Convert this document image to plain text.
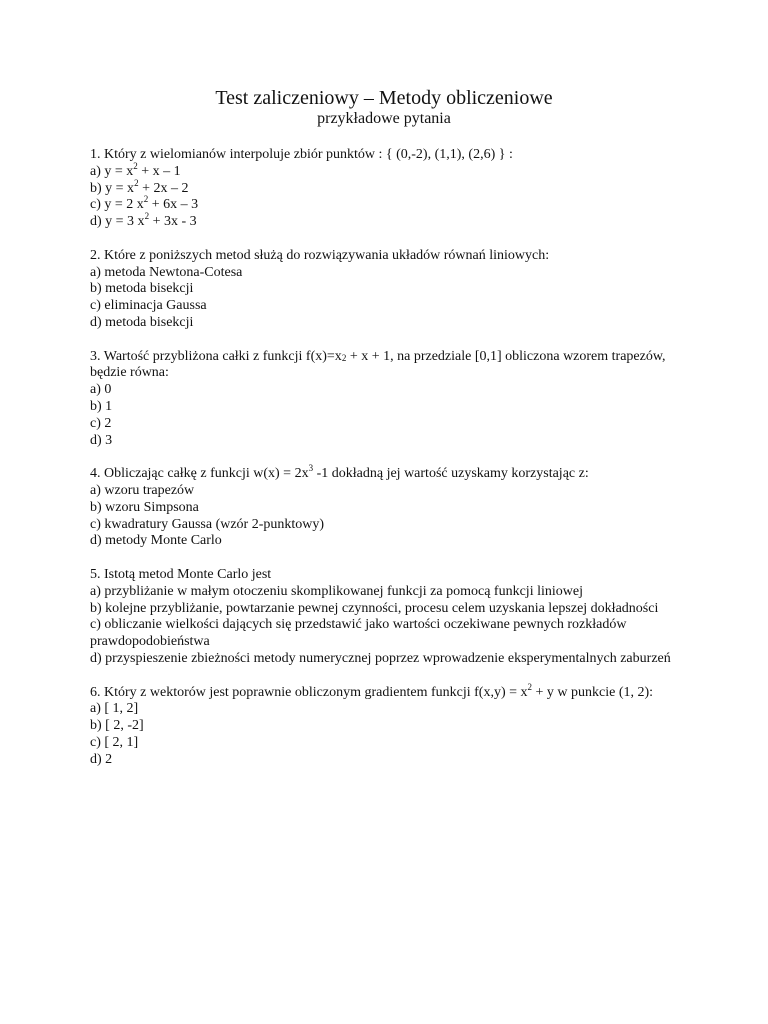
Test zaliczeniowy – Metody obliczeniowe
przykładowe pytania
1. Który z wielomianów interpoluje zbiór punktów : { (0,-2), (1,1), (2,6) } :
a) $y = x^2 + x - 1$
b) $y = x^2 + 2x - 2$
c) y = 2 $x^2 + 6x - 3$
d) y = 3 $x^2 + 3x - 3$
2. Które z poniższych metod służą do rozwiązywania układów równań liniowych:
a) metoda Newtona-Cotesa
b) metoda bisekcji
c) eliminacja Gaussa
d) metoda bisekcji
3. Wartość przybliżona całki z funkcji $f(x)=x_2 + x + 1$, na przedziale [0,1] obliczona wzorem trapezów, będzie równa:
a) 0
b) 1
c) 2
d) 3
4. Obliczając całkę z funkcji $w(x) = 2x^3$ -1 dokładną jej wartość uzyskamy korzystając z:
a) wzoru trapezów
b) wzoru Simpsona
c) kwadratury Gaussa (wzór 2-punktowy)
d) metody Monte Carlo
5. Istotą metod Monte Carlo jest
a) przybliżanie w małym otoczeniu skomplikowanej funkcji za pomocą funkcji liniowej
b) kolejne przybliżanie, powtarzanie pewnej czynności, procesu celem uzyskania lepszej dokładności
c) obliczanie wielkości dających się przedstawić jako wartości oczekiwane pewnych rozkładów prawdopodobieństwa
d) przyspieszenie zbieżności metody numerycznej poprzez wprowadzenie eksperymentalnych zaburzeń
6. Który z wektorów jest poprawnie obliczonym gradientem funkcji $f(x,y) = x^2 + y$ w punkcie (1, 2):
a) [ 1, 2]
b) [ 2, -2]
c) [ 2, 1]
d) 2
